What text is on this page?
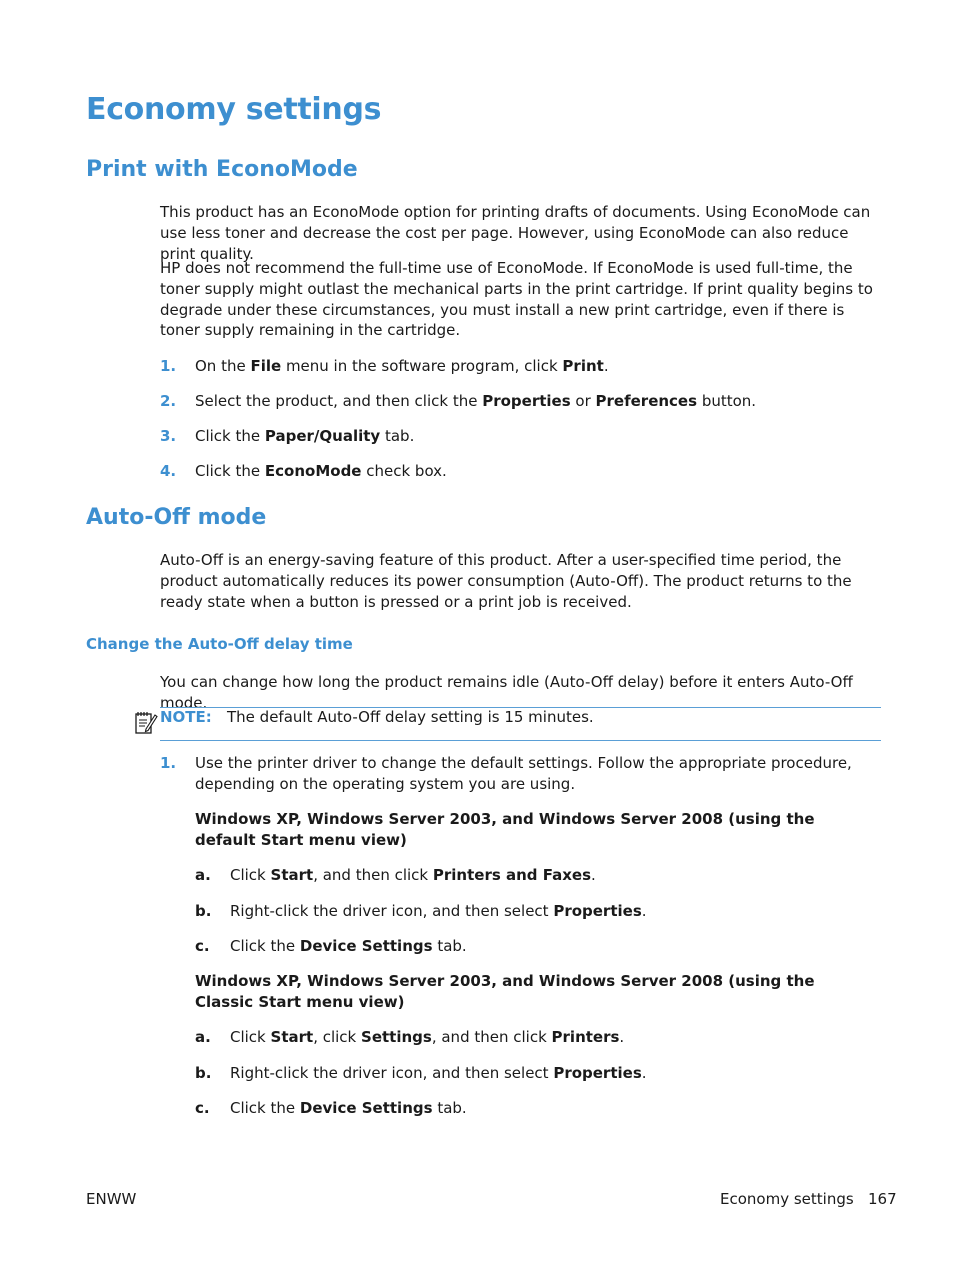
Economy settings
Print with EconoMode

This product has an EconoMode option for printing drafts of documents. Using EconoMode can use less toner and decrease the cost per page. However, using EconoMode can also reduce print quality.

HP does not recommend the full-time use of EconoMode. If EconoMode is used full-time, the toner supply might outlast the mechanical parts in the print cartridge. If print quality begins to degrade under these circumstances, you must install a new print cartridge, even if there is toner supply remaining in the cartridge.

1. On the File menu in the software program, click Print.
2. Select the product, and then click the Properties or Preferences button.
3. Click the Paper/Quality tab.
4. Click the EconoMode check box.
Auto-Off mode

Auto-Off is an energy-saving feature of this product. After a user-specified time period, the product automatically reduces its power consumption (Auto-Off). The product returns to the ready state when a button is pressed or a print job is received.

Change the Auto-Off delay time

You can change how long the product remains idle (Auto-Off delay) before it enters Auto-Off mode.

NOTE: The default Auto-Off delay setting is 15 minutes.
1. Use the printer driver to change the default settings. Follow the appropriate procedure, depending on the operating system you are using.
Windows XP, Windows Server 2003, and Windows Server 2008 (using the default Start menu view)
a. Click Start, and then click Printers and Faxes.
b. Right-click the driver icon, and then select Properties.
c. Click the Device Settings tab.
Windows XP, Windows Server 2003, and Windows Server 2008 (using the Classic Start menu view)
a. Click Start, click Settings, and then click Printers.
b. Right-click the driver icon, and then select Properties.
c. Click the Device Settings tab.
ENWW	Economy settings 167
